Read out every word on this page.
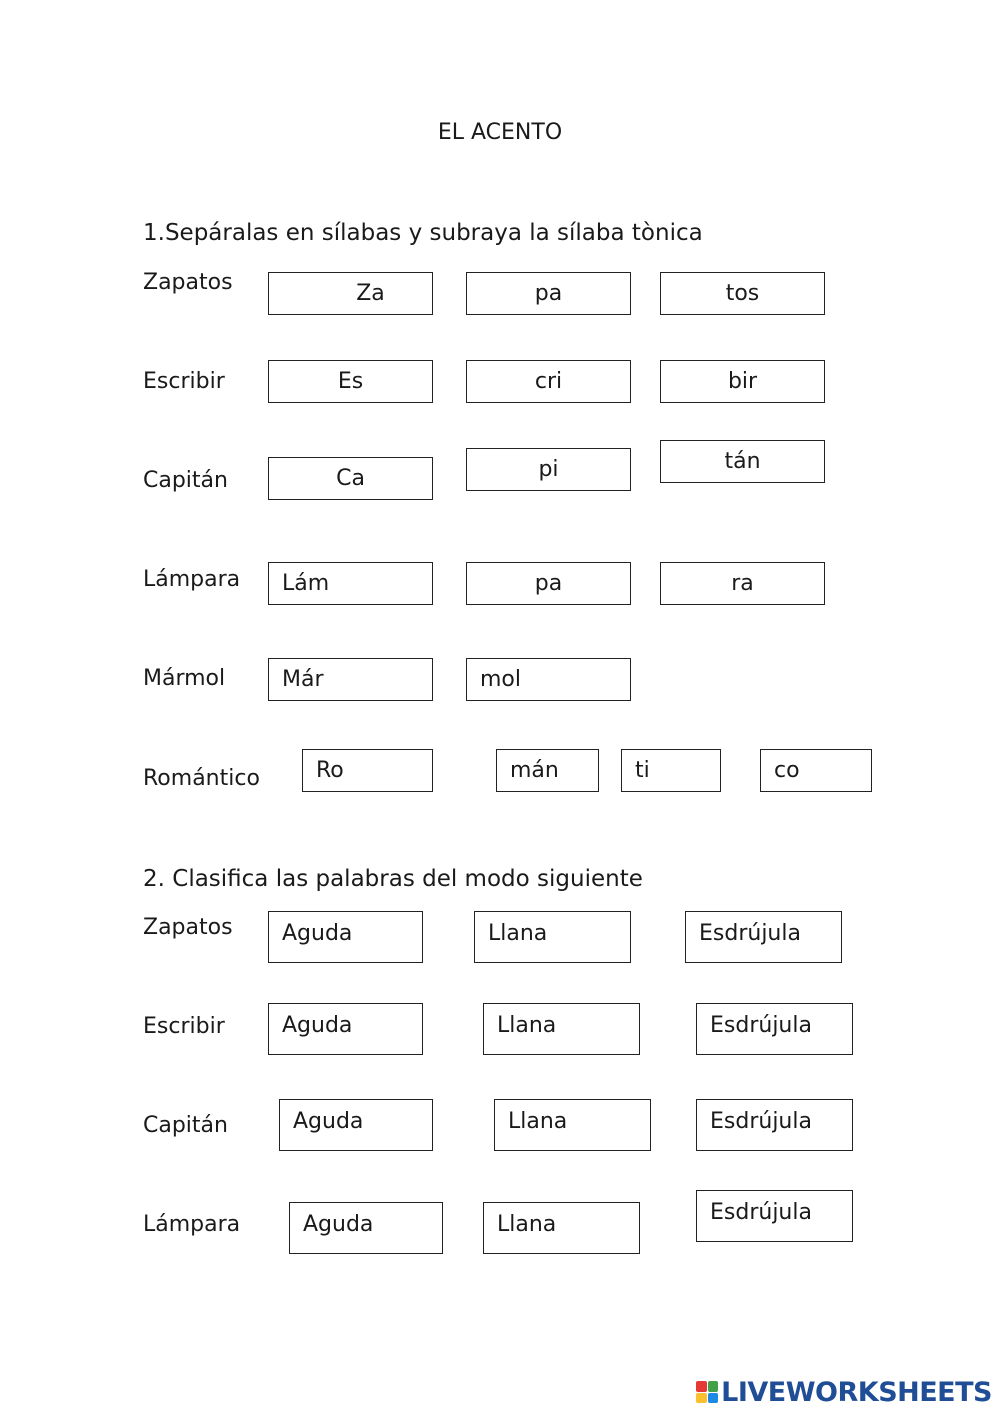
EL ACENTO
1.Sepáralas en sílabas y subraya la sílaba tònica
Zapatos	Za	pa	tos
Escribir	Es	cri	bir
Capitán	Ca	pi	tán
Lámpara Lám	pa	ra
Mármol	Már	mol
Romántico	Ro	mán	ti	co
2. Clasifica las palabras del modo siguiente
Zapatos Aguda	Llana	Esdrújula
Escribir	Aguda	Llana	Esdrújula
Capitán	Aguda	Llana	Esdrújula
Lámpara	Aguda	Llana	Esdrújula
LIVEWORKSHEETS
